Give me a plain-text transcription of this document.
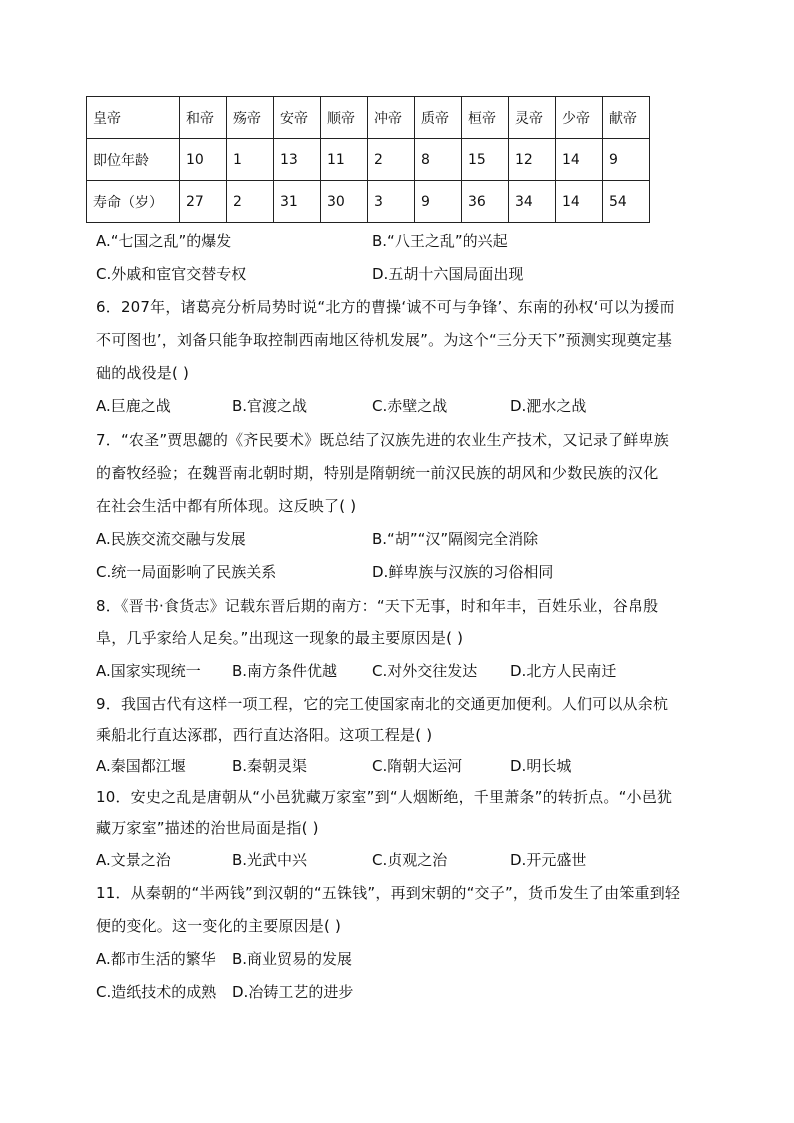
皇帝	和帝	殇帝	安帝	顺帝	冲帝	质帝	桓帝	灵帝	少帝	献帝
即位年龄	10	1	13	11	2	8	15	12	14	9
寿命（岁）	27	2	31	30	3	9	36	34	14	54
A.“七国之乱”的爆发	B.“八王之乱”的兴起
C.外戚和宦官交替专权	D.五胡十六国局面出现
6．207年，诸葛亮分析局势时说“北方的曹操‘诚不可与争锋’、东南的孙权‘可以为援而
不可图也’，刘备只能争取控制西南地区待机发展”。为这个“三分天下”预测实现奠定基
础的战役是( )
A.巨鹿之战	B.官渡之战	C.赤壁之战	D.淝水之战
7．“农圣”贾思勰的《齐民要术》既总结了汉族先进的农业生产技术，又记录了鲜卑族
的畜牧经验；在魏晋南北朝时期，特别是隋朝统一前汉民族的胡风和少数民族的汉化
在社会生活中都有所体现。这反映了( )
A.民族交流交融与发展	B.“胡”“汉”隔阂完全消除
C.统一局面影响了民族关系	D.鲜卑族与汉族的习俗相同
8．《晋书·食货志》记载东晋后期的南方：“天下无事，时和年丰，百姓乐业，谷帛殷
阜，几乎家给人足矣。”出现这一现象的最主要原因是( )
A.国家实现统一 B.南方条件优越 C.对外交往发达 D.北方人民南迁
9．我国古代有这样一项工程，它的完工使国家南北的交通更加便利。人们可以从余杭
乘船北行直达涿郡，西行直达洛阳。这项工程是( )
A.秦国都江堰	B.秦朝灵渠	C.隋朝大运河	D.明长城
10．安史之乱是唐朝从“小邑犹藏万家室”到“人烟断绝，千里萧条”的转折点。“小邑犹
藏万家室”描述的治世局面是指( )
A.文景之治	B.光武中兴	C.贞观之治	D.开元盛世
11．从秦朝的“半两钱”到汉朝的“五铢钱”，再到宋朝的“交子”，货币发生了由笨重到轻
便的变化。这一变化的主要原因是( )
A.都市生活的繁华 B.商业贸易的发展
C.造纸技术的成熟 D.冶铸工艺的进步
